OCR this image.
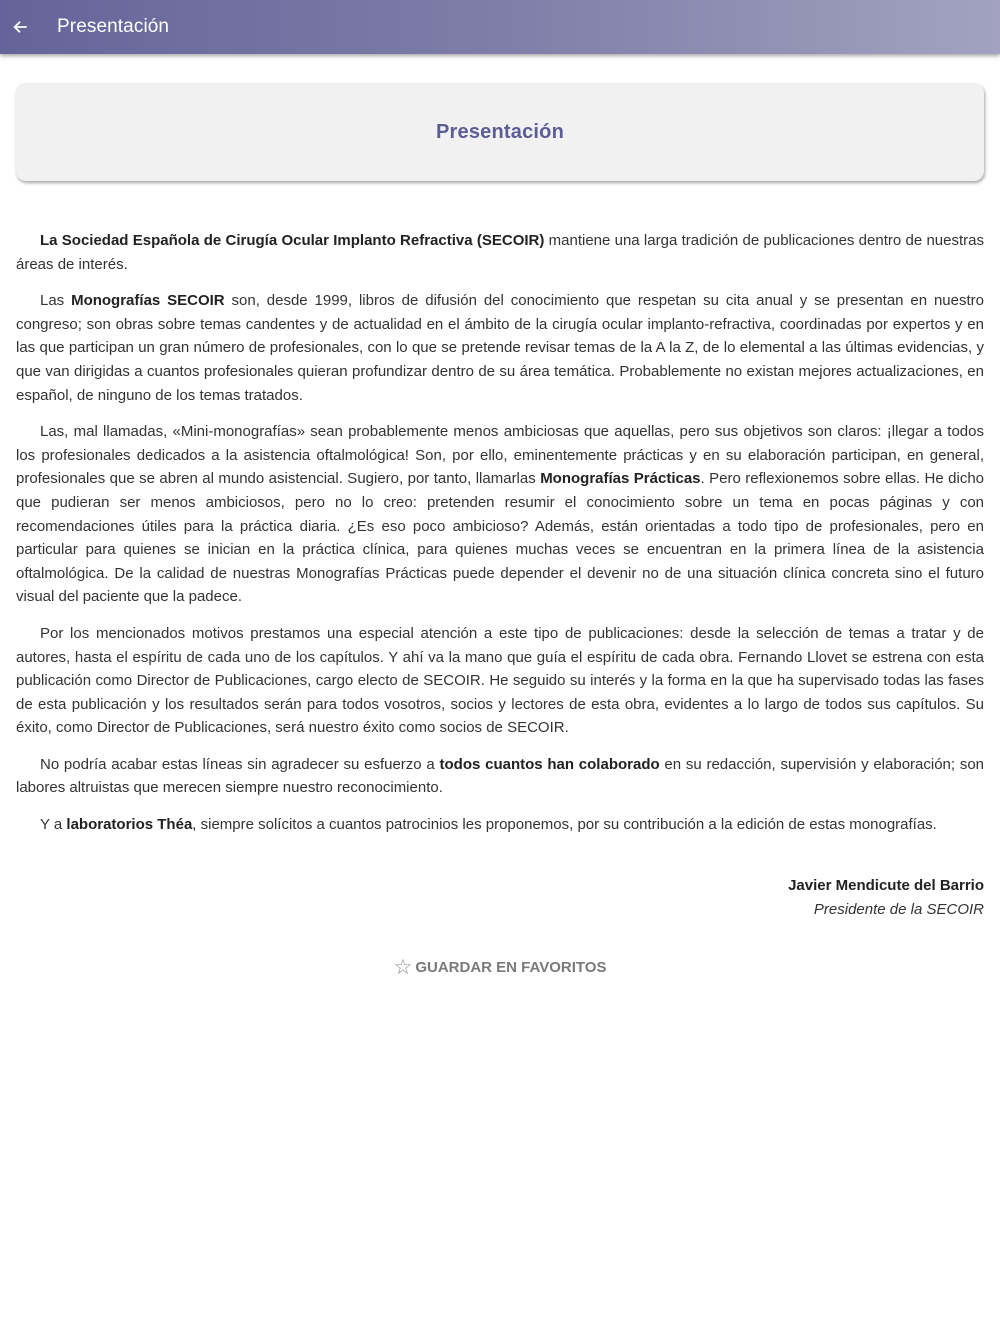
Presentación
Presentación

La Sociedad Española de Cirugía Ocular Implanto Refractiva (SECOIR) mantiene una larga tradición de publicaciones dentro de nuestras áreas de interés.

Las Monografías SECOIR son, desde 1999, libros de difusión del conocimiento que respetan su cita anual y se presentan en nuestro congreso; son obras sobre temas candentes y de actualidad en el ámbito de la cirugía ocular implanto-refractiva, coordinadas por expertos y en las que participan un gran número de profesionales, con lo que se pretende revisar temas de la A la Z, de lo elemental a las últimas evidencias, y que van dirigidas a cuantos profesionales quieran profundizar dentro de su área temática. Probablemente no existan mejores actualizaciones, en español, de ninguno de los temas tratados.

Las, mal llamadas, «Mini-monografías» sean probablemente menos ambiciosas que aquellas, pero sus objetivos son claros: ¡llegar a todos los profesionales dedicados a la asistencia oftalmológica! Son, por ello, eminentemente prácticas y en su elaboración participan, en general, profesionales que se abren al mundo asistencial. Sugiero, por tanto, llamarlas Monografías Prácticas. Pero reflexionemos sobre ellas. He dicho que pudieran ser menos ambiciosos, pero no lo creo: pretenden resumir el conocimiento sobre un tema en pocas páginas y con recomendaciones útiles para la práctica diaria. ¿Es eso poco ambicioso? Además, están orientadas a todo tipo de profesionales, pero en particular para quienes se inician en la práctica clínica, para quienes muchas veces se encuentran en la primera línea de la asistencia oftalmológica. De la calidad de nuestras Monografías Prácticas puede depender el devenir no de una situación clínica concreta sino el futuro visual del paciente que la padece.

Por los mencionados motivos prestamos una especial atención a este tipo de publicaciones: desde la selección de temas a tratar y de autores, hasta el espíritu de cada uno de los capítulos. Y ahí va la mano que guía el espíritu de cada obra. Fernando Llovet se estrena con esta publicación como Director de Publicaciones, cargo electo de SECOIR. He seguido su interés y la forma en la que ha supervisado todas las fases de esta publicación y los resultados serán para todos vosotros, socios y lectores de esta obra, evidentes a lo largo de todos sus capítulos. Su éxito, como Director de Publicaciones, será nuestro éxito como socios de SECOIR.

No podría acabar estas líneas sin agradecer su esfuerzo a todos cuantos han colaborado en su redacción, supervisión y elaboración; son labores altruistas que merecen siempre nuestro reconocimiento.

Y a laboratorios Théa, siempre solícitos a cuantos patrocinios les proponemos, por su contribución a la edición de estas monografías.

Javier Mendicute del Barrio
Presidente de la SECOIR
☆ GUARDAR EN FAVORITOS
